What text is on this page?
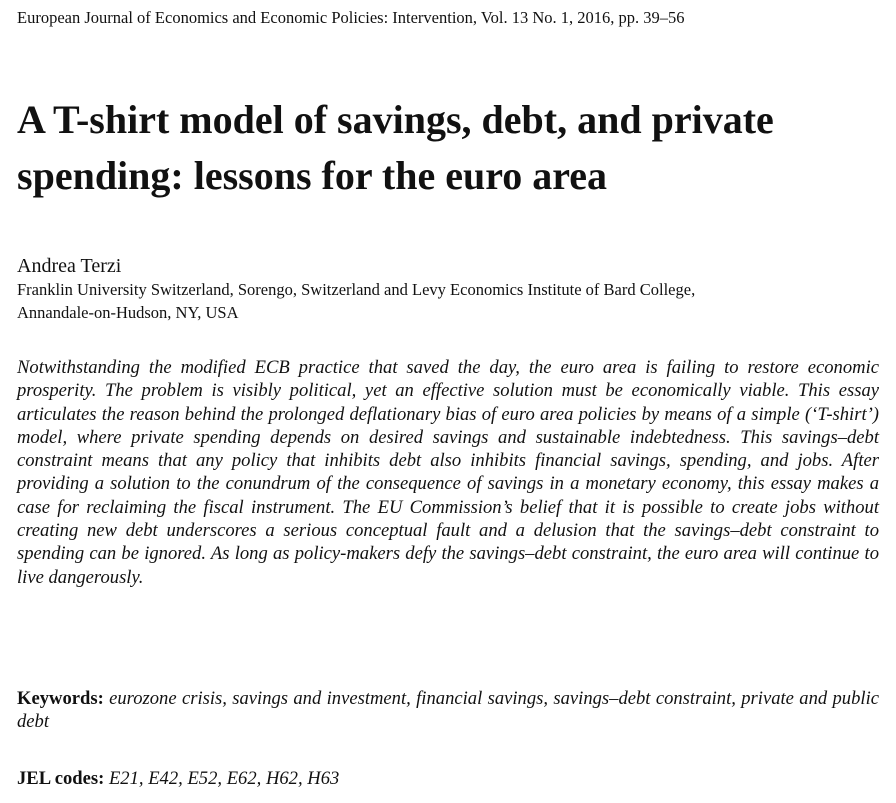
European Journal of Economics and Economic Policies: Intervention, Vol. 13 No. 1, 2016, pp. 39–56
A T-shirt model of savings, debt, and private
spending: lessons for the euro area
Andrea Terzi
Franklin University Switzerland, Sorengo, Switzerland and Levy Economics Institute of Bard College,
Annandale-on-Hudson, NY, USA

Notwithstanding the modified ECB practice that saved the day, the euro area is failing to restore economic prosperity. The problem is visibly political, yet an effective solution must be economically viable. This essay articulates the reason behind the prolonged deflationary bias of euro area policies by means of a simple (‘T-shirt’) model, where private spending depends on desired savings and sustainable indebtedness. This savings–debt constraint means that any policy that inhibits debt also inhibits financial savings, spending, and jobs. After providing a solution to the conundrum of the consequence of savings in a monetary economy, this essay makes a case for reclaiming the fiscal instrument. The EU Commission’s belief that it is possible to create jobs without creating new debt underscores a serious conceptual fault and a delusion that the savings–debt constraint to spending can be ignored. As long as policy-makers defy the savings–debt constraint, the euro area will continue to live dangerously.

Keywords: eurozone crisis, savings and investment, financial savings, savings–debt constraint, private and public debt

JEL codes: E21, E42, E52, E62, H62, H63
